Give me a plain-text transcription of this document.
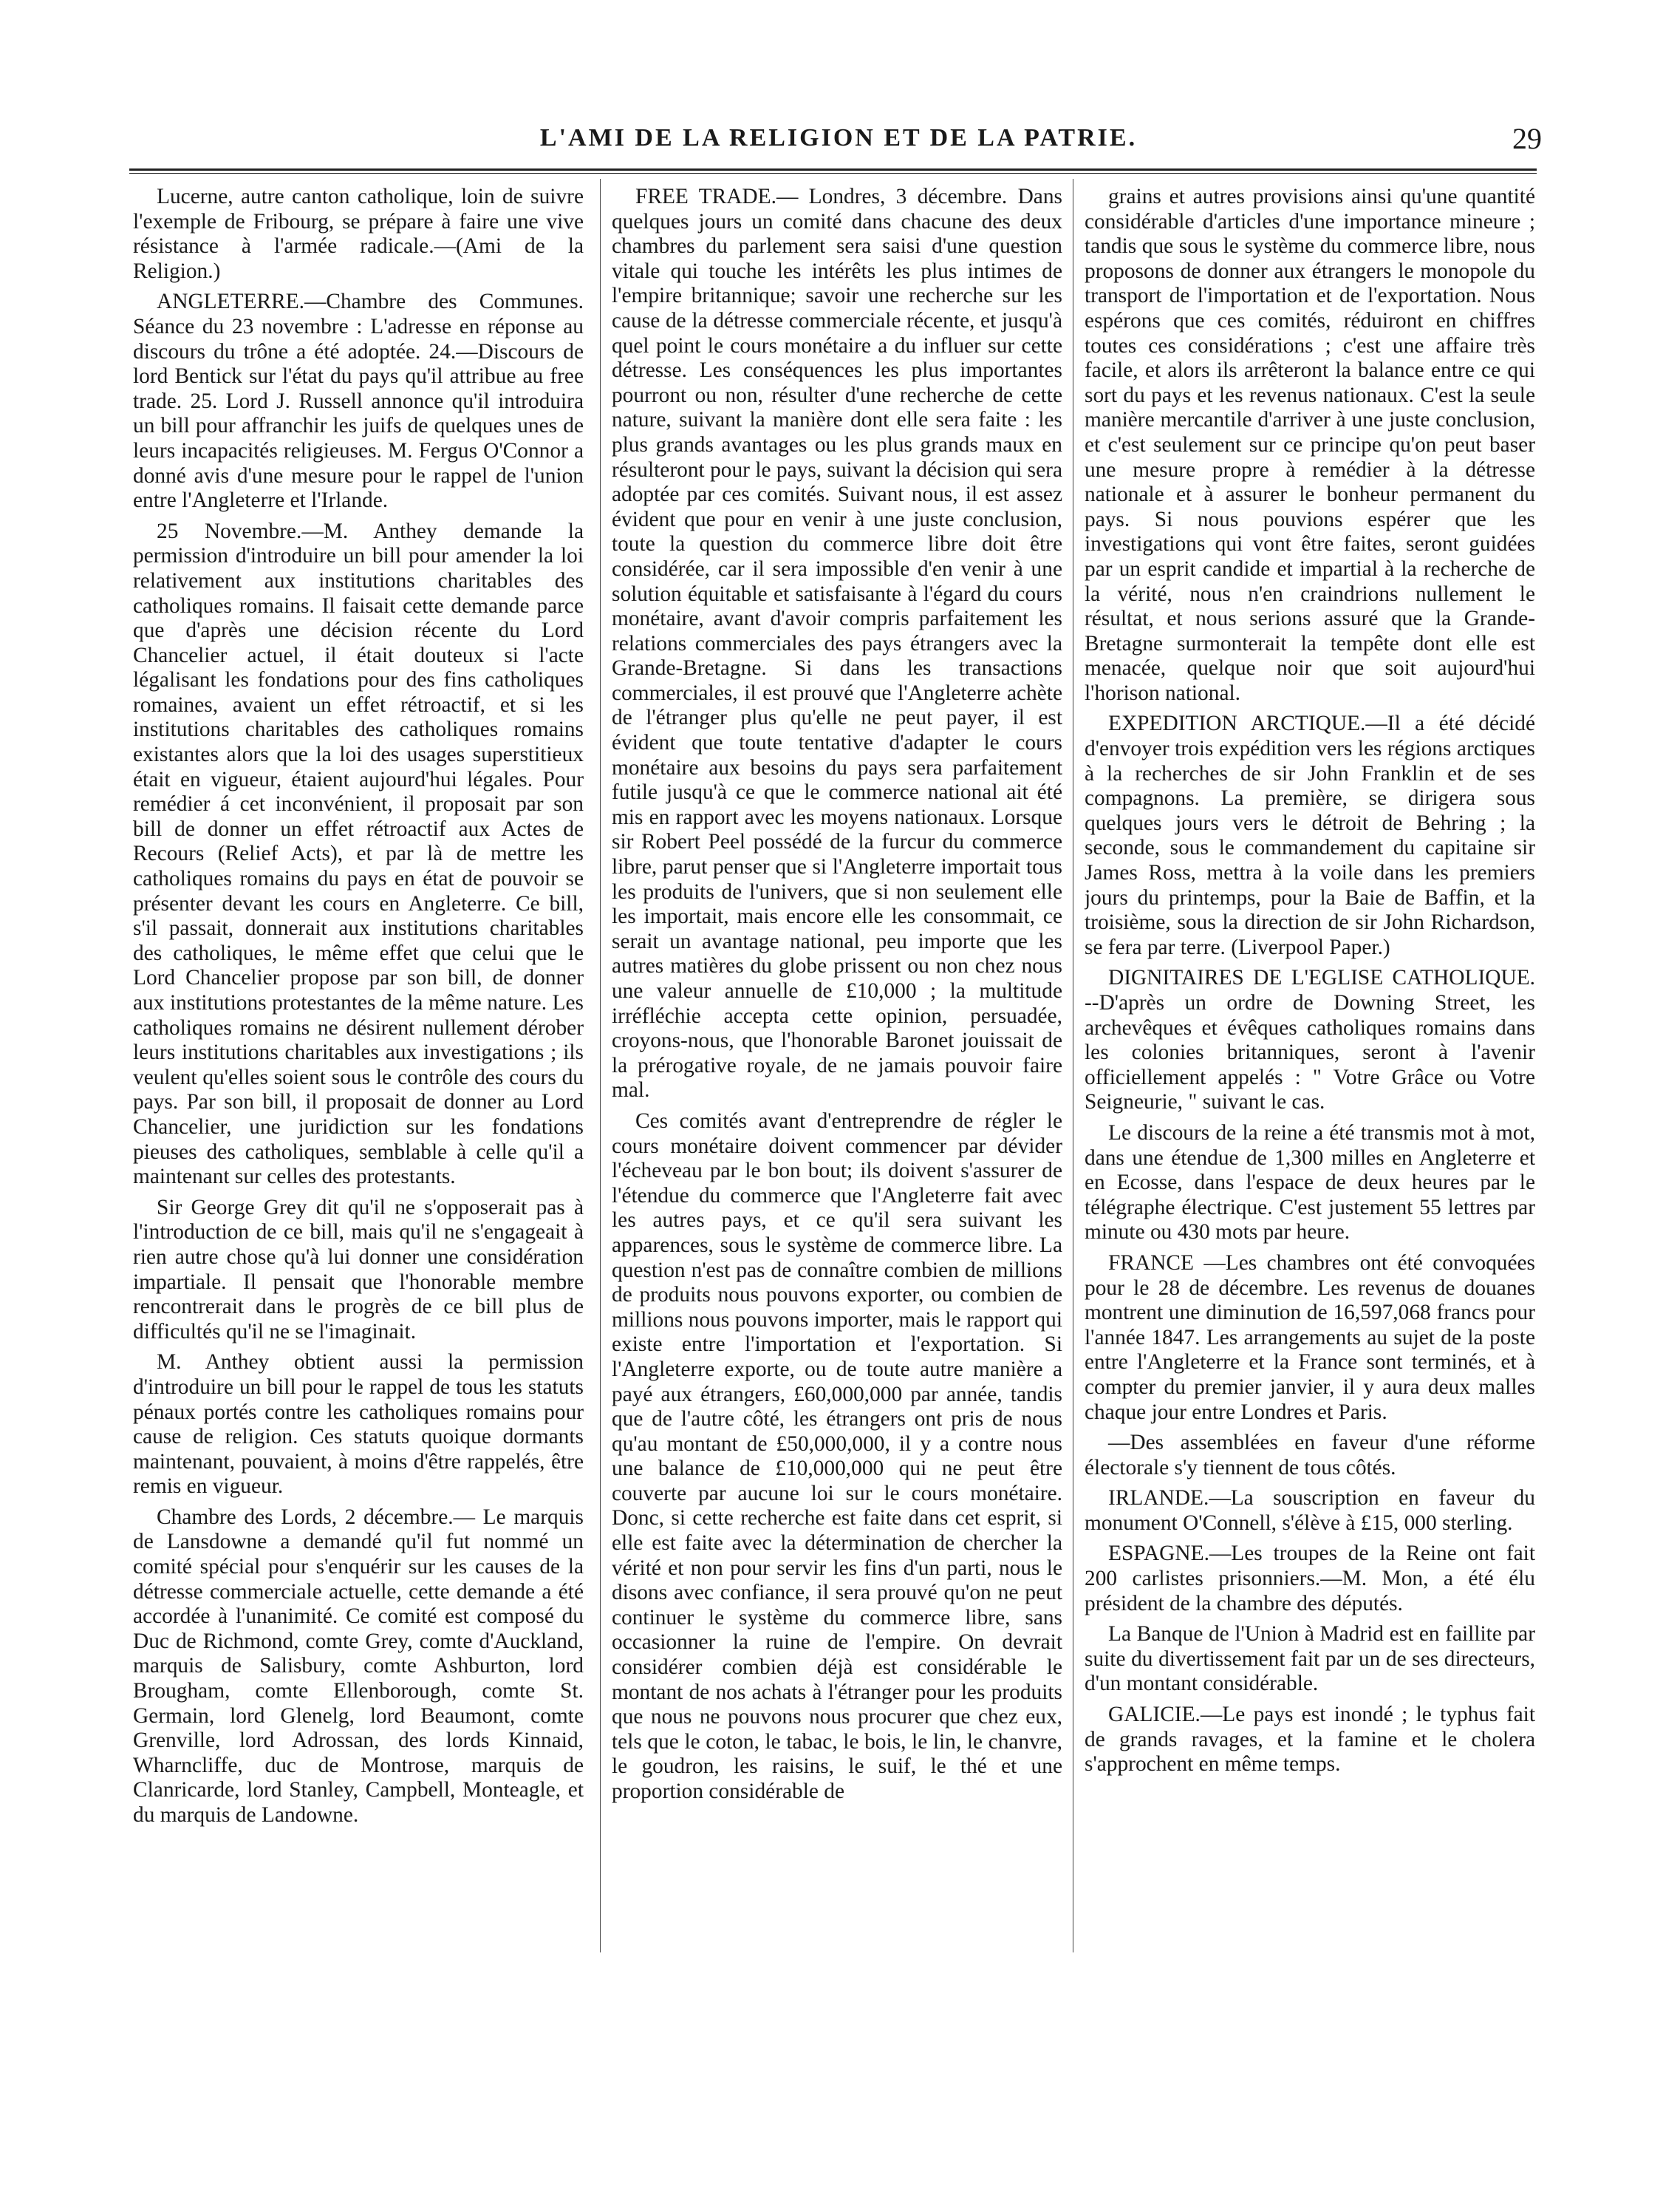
L'AMI DE LA RELIGION ET DE LA PATRIE.	29

Lucerne, autre canton catholique, loin de suivre l'exemple de Fribourg, se prépare à faire une vive résistance à l'armée radicale.—(Ami de la Religion.)

ANGLETERRE.—Chambre des Communes. Séance du 23 novembre : L'adresse en réponse au discours du trône a été adoptée. 24.—Discours de lord Bentick sur l'état du pays qu'il attribue au free trade. 25. Lord J. Russell annonce qu'il introduira un bill pour affranchir les juifs de quelques unes de leurs incapacités religieuses. M. Fergus O'Connor a donné avis d'une mesure pour le rappel de l'union entre l'Angleterre et l'Irlande.

25 Novembre.—M. Anthey demande la permission d'introduire un bill pour amender la loi relativement aux institutions charitables des catholiques romains. Il faisait cette demande parce que d'après une décision récente du Lord Chancelier actuel, il était douteux si l'acte légalisant les fondations pour des fins catholiques romaines, avaient un effet rétroactif, et si les institutions charitables des catholiques romains existantes alors que la loi des usages superstitieux était en vigueur, étaient aujourd'hui légales. Pour remédier á cet inconvénient, il proposait par son bill de donner un effet rétroactif aux Actes de Recours (Relief Acts), et par là de mettre les catholiques romains du pays en état de pouvoir se présenter devant les cours en Angleterre. Ce bill, s'il passait, donnerait aux institutions charitables des catholiques, le même effet que celui que le Lord Chancelier propose par son bill, de donner aux institutions protestantes de la même nature. Les catholiques romains ne désirent nullement dérober leurs institutions charitables aux investigations ; ils veulent qu'elles soient sous le contrôle des cours du pays. Par son bill, il proposait de donner au Lord Chancelier, une juridiction sur les fondations pieuses des catholiques, semblable à celle qu'il a maintenant sur celles des protestants.

Sir George Grey dit qu'il ne s'opposerait pas à l'introduction de ce bill, mais qu'il ne s'engageait à rien autre chose qu'à lui donner une considération impartiale. Il pensait que l'honorable membre rencontrerait dans le progrès de ce bill plus de difficultés qu'il ne se l'imaginait.

M. Anthey obtient aussi la permission d'introduire un bill pour le rappel de tous les statuts pénaux portés contre les catholiques romains pour cause de religion. Ces statuts quoique dormants maintenant, pouvaient, à moins d'être rappelés, être remis en vigueur.

Chambre des Lords, 2 décembre.— Le marquis de Lansdowne a demandé qu'il fut nommé un comité spécial pour s'enquérir sur les causes de la détresse commerciale actuelle, cette demande a été accordée à l'unanimité. Ce comité est composé du Duc de Richmond, comte Grey, comte d'Auckland, marquis de Salisbury, comte Ashburton, lord Brougham, comte Ellenborough, comte St. Germain, lord Glenelg, lord Beaumont, comte Grenville, lord Adrossan, des lords Kinnaid, Wharncliffe, duc de Montrose, marquis de Clanricarde, lord Stanley, Campbell, Monteagle, et du marquis de Landowne.

FREE TRADE.— Londres, 3 décembre. Dans quelques jours un comité dans chacune des deux chambres du parlement sera saisi d'une question vitale qui touche les intérêts les plus intimes de l'empire britannique; savoir une recherche sur les cause de la détresse commerciale récente, et jusqu'à quel point le cours monétaire a du influer sur cette détresse. Les conséquences les plus importantes pourront ou non, résulter d'une recherche de cette nature, suivant la manière dont elle sera faite : les plus grands avantages ou les plus grands maux en résulteront pour le pays, suivant la décision qui sera adoptée par ces comités. Suivant nous, il est assez évident que pour en venir à une juste conclusion, toute la question du commerce libre doit être considérée, car il sera impossible d'en venir à une solution équitable et satisfaisante à l'égard du cours monétaire, avant d'avoir compris parfaitement les relations commerciales des pays étrangers avec la Grande-Bretagne. Si dans les transactions commerciales, il est prouvé que l'Angleterre achète de l'étranger plus qu'elle ne peut payer, il est évident que toute tentative d'adapter le cours monétaire aux besoins du pays sera parfaitement futile jusqu'à ce que le commerce national ait été mis en rapport avec les moyens nationaux. Lorsque sir Robert Peel possédé de la furcur du commerce libre, parut penser que si l'Angleterre importait tous les produits de l'univers, que si non seulement elle les importait, mais encore elle les consommait, ce serait un avantage national, peu importe que les autres matières du globe prissent ou non chez nous une valeur annuelle de £10,000 ; la multitude irréfléchie accepta cette opinion, persuadée, croyons-nous, que l'honorable Baronet jouissait de la prérogative royale, de ne jamais pouvoir faire mal.

Ces comités avant d'entreprendre de régler le cours monétaire doivent commencer par dévider l'écheveau par le bon bout; ils doivent s'assurer de l'étendue du commerce que l'Angleterre fait avec les autres pays, et ce qu'il sera suivant les apparences, sous le système de commerce libre. La question n'est pas de connaître combien de millions de produits nous pouvons exporter, ou combien de millions nous pouvons importer, mais le rapport qui existe entre l'importation et l'exportation. Si l'Angleterre exporte, ou de toute autre manière a payé aux étrangers, £60,000,000 par année, tandis que de l'autre côté, les étrangers ont pris de nous qu'au montant de £50,000,000, il y a contre nous une balance de £10,000,000 qui ne peut être couverte par aucune loi sur le cours monétaire. Donc, si cette recherche est faite dans cet esprit, si elle est faite avec la détermination de chercher la vérité et non pour servir les fins d'un parti, nous le disons avec confiance, il sera prouvé qu'on ne peut continuer le système du commerce libre, sans occasionner la ruine de l'empire. On devrait considérer combien déjà est considérable le montant de nos achats à l'étranger pour les produits que nous ne pouvons nous procurer que chez eux, tels que le coton, le tabac, le bois, le lin, le chanvre, le goudron, les raisins, le suif, le thé et une proportion considérable de

grains et autres provisions ainsi qu'une quantité considérable d'articles d'une importance mineure ; tandis que sous le système du commerce libre, nous proposons de donner aux étrangers le monopole du transport de l'importation et de l'exportation. Nous espérons que ces comités, réduiront en chiffres toutes ces considérations ; c'est une affaire très facile, et alors ils arrêteront la balance entre ce qui sort du pays et les revenus nationaux. C'est la seule manière mercantile d'arriver à une juste conclusion, et c'est seulement sur ce principe qu'on peut baser une mesure propre à remédier à la détresse nationale et à assurer le bonheur permanent du pays. Si nous pouvions espérer que les investigations qui vont être faites, seront guidées par un esprit candide et impartial à la recherche de la vérité, nous n'en craindrions nullement le résultat, et nous serions assuré que la Grande-Bretagne surmonterait la tempête dont elle est menacée, quelque noir que soit aujourd'hui l'horison national.

EXPEDITION ARCTIQUE.—Il a été décidé d'envoyer trois expédition vers les régions arctiques à la recherches de sir John Franklin et de ses compagnons. La première, se dirigera sous quelques jours vers le détroit de Behring ; la seconde, sous le commandement du capitaine sir James Ross, mettra à la voile dans les premiers jours du printemps, pour la Baie de Baffin, et la troisième, sous la direction de sir John Richardson, se fera par terre. (Liverpool Paper.)

DIGNITAIRES DE L'EGLISE CATHOLIQUE. --D'après un ordre de Downing Street, les archevêques et évêques catholiques romains dans les colonies britanniques, seront à l'avenir officiellement appelés : " Votre Grâce ou Votre Seigneurie, " suivant le cas.

Le discours de la reine a été transmis mot à mot, dans une étendue de 1,300 milles en Angleterre et en Ecosse, dans l'espace de deux heures par le télégraphe électrique. C'est justement 55 lettres par minute ou 430 mots par heure.

FRANCE —Les chambres ont été convoquées pour le 28 de décembre. Les revenus de douanes montrent une diminution de 16,597,068 francs pour l'année 1847. Les arrangements au sujet de la poste entre l'Angleterre et la France sont terminés, et à compter du premier janvier, il y aura deux malles chaque jour entre Londres et Paris.

—Des assemblées en faveur d'une réforme électorale s'y tiennent de tous côtés.

IRLANDE.—La souscription en faveur du monument O'Connell, s'élève à £15, 000 sterling.

ESPAGNE.—Les troupes de la Reine ont fait 200 carlistes prisonniers.—M. Mon, a été élu président de la chambre des députés.

La Banque de l'Union à Madrid est en faillite par suite du divertissement fait par un de ses directeurs, d'un montant considérable.

GALICIE.—Le pays est inondé ; le typhus fait de grands ravages, et la famine et le cholera s'approchent en même temps.
